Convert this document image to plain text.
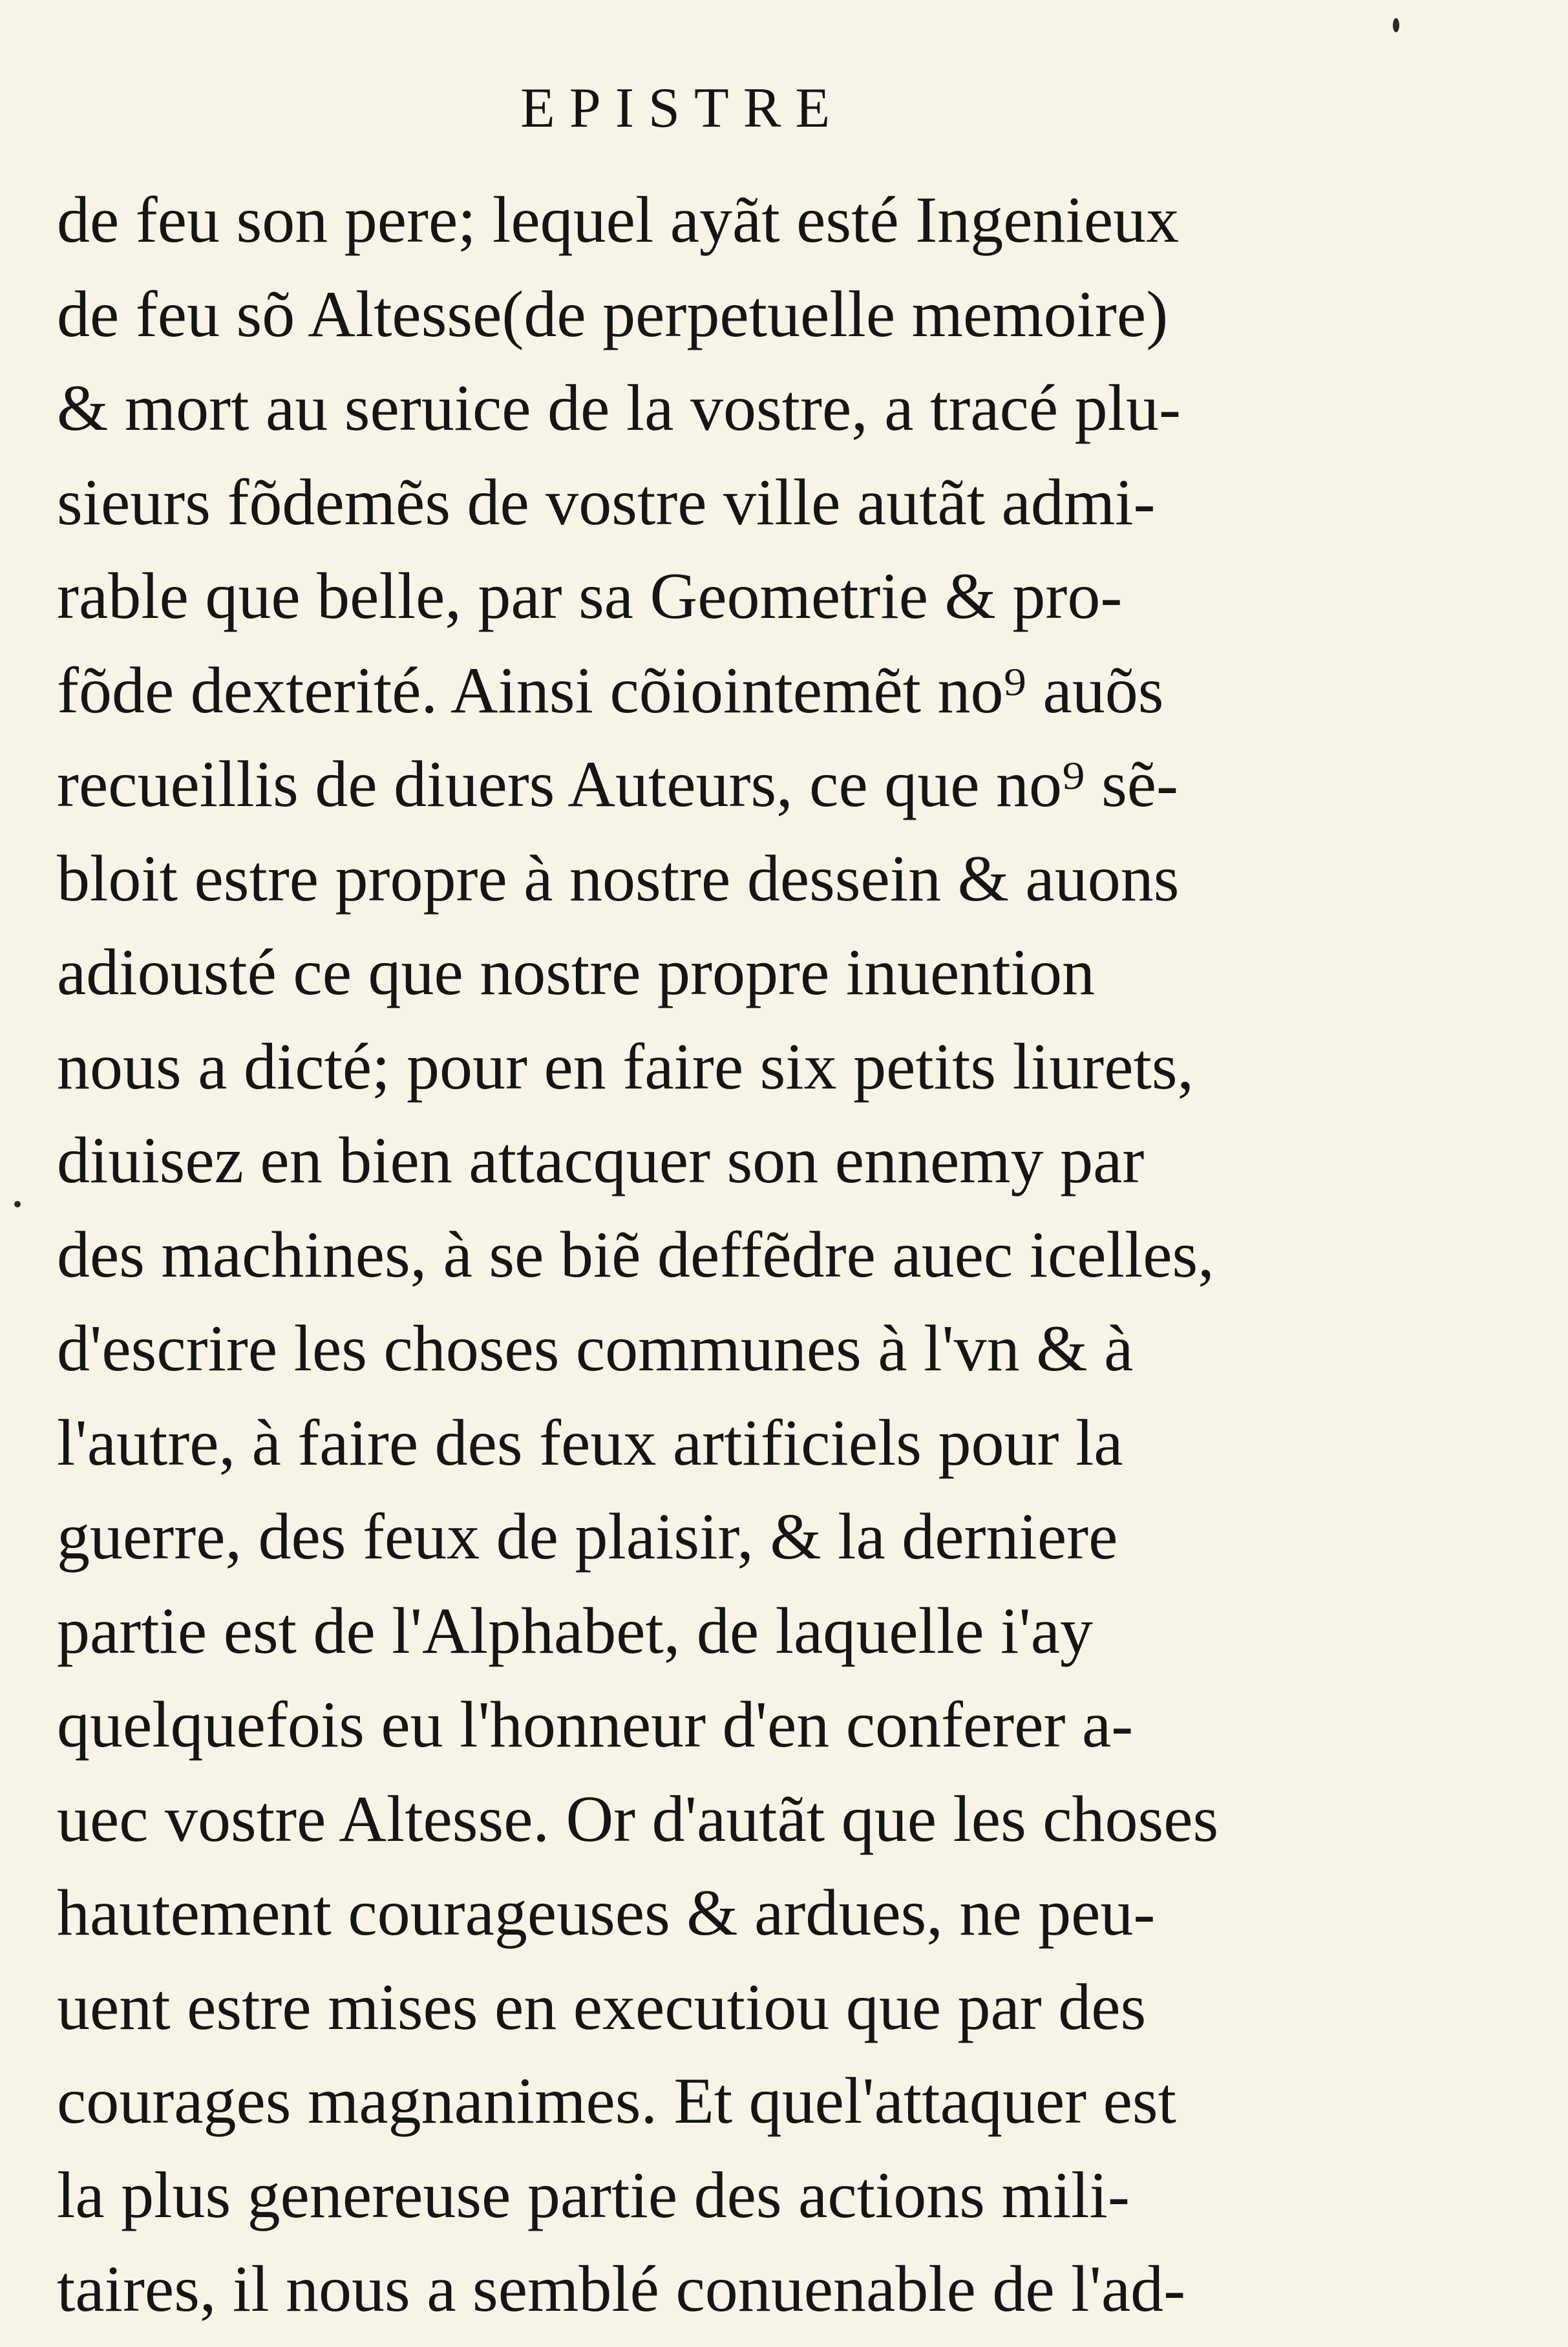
EPISTRE
de feu son pere; lequel ayãt esté Ingenieux
de feu sõ Altesse(de perpetuelle memoire)
& mort au seruice de la vostre, a tracé plu-
sieurs fõdemẽs de vostre ville autãt admi-
rable que belle, par sa Geometrie & pro-
fõde dexterité. Ainsi cõiointemẽt no⁹ auõs
recueillis de diuers Auteurs, ce que no⁹ sẽ-
bloit estre propre à nostre dessein & auons
adiousté ce que nostre propre inuention
nous a dicté; pour en faire six petits liurets,
diuisez en bien attacquer son ennemy par
des machines, à se biẽ deffẽdre auec icelles,
d'escrire les choses communes à l'vn & à
l'autre, à faire des feux artificiels pour la
guerre, des feux de plaisir, & la derniere
partie est de l'Alphabet, de laquelle i'ay
quelquefois eu l'honneur d'en conferer a-
uec vostre Altesse. Or d'autãt que les choses
hautement courageuses & ardues, ne peu-
uent estre mises en executiou que par des
courages magnanimes. Et quel'attaquer est
la plus genereuse partie des actions mili-
taires, il nous a semblé conuenable de l'ad-
